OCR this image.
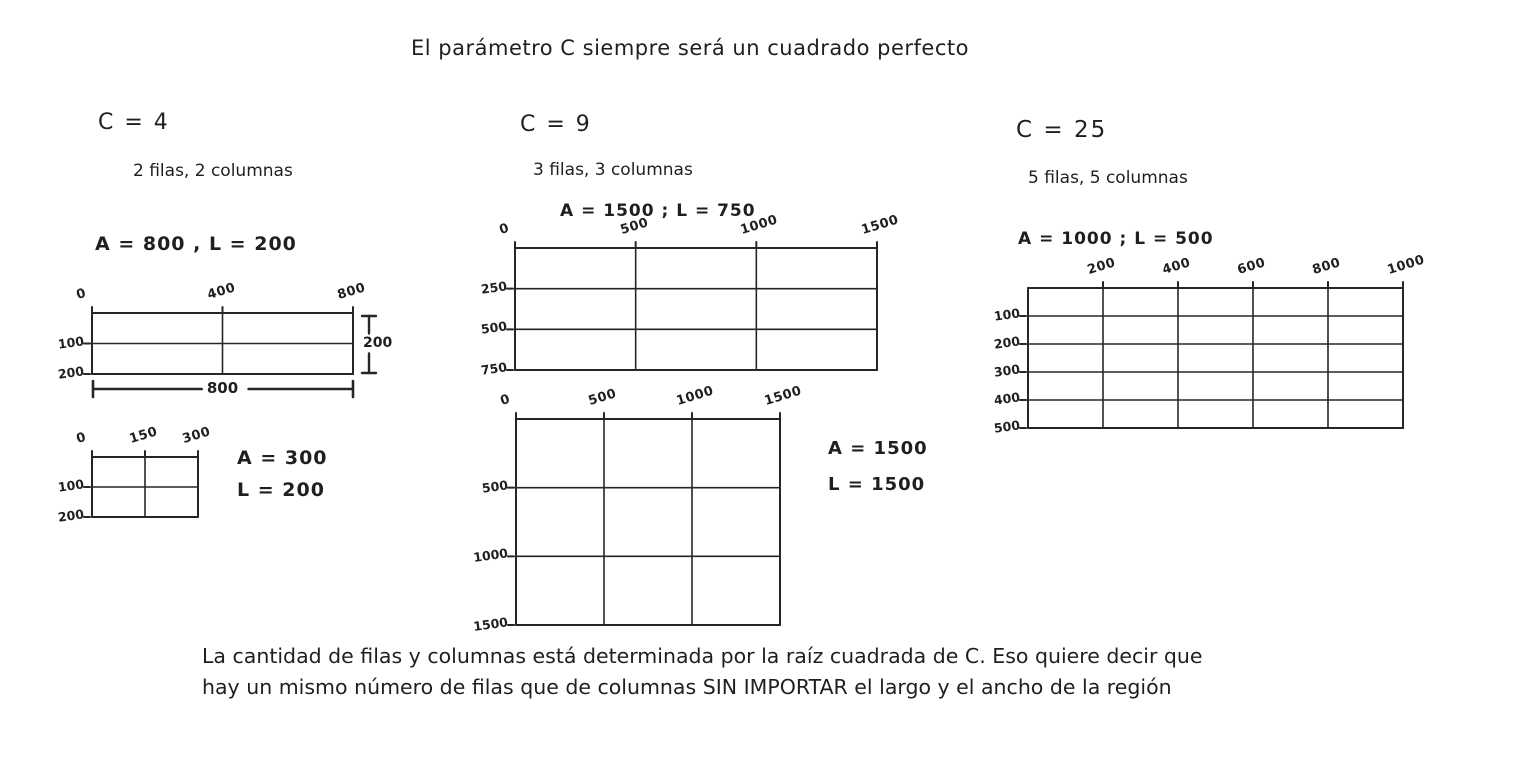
El parámetro C siempre será un cuadrado perfecto
C = 4
2 filas, 2 columnas
A = 800 , L = 200
C = 9
3 filas, 3 columnas
A = 1500 ; L = 750
C = 25
5 filas, 5 columnas
A = 1000 ; L = 500
0	400	800
100
200
200
800
0	150 300
100
200
A = 300
L = 200
0	500	1000	1500
250
500
750
0	500	1000	1500
500
1000
1500
A = 1500
L = 1500
200	400	600	800	1000
100
200
300
400
500
La cantidad de filas y columnas está determinada por la raíz cuadrada de C. Eso quiere decir que
hay un mismo número de filas que de columnas SIN IMPORTAR el largo y el ancho de la región
